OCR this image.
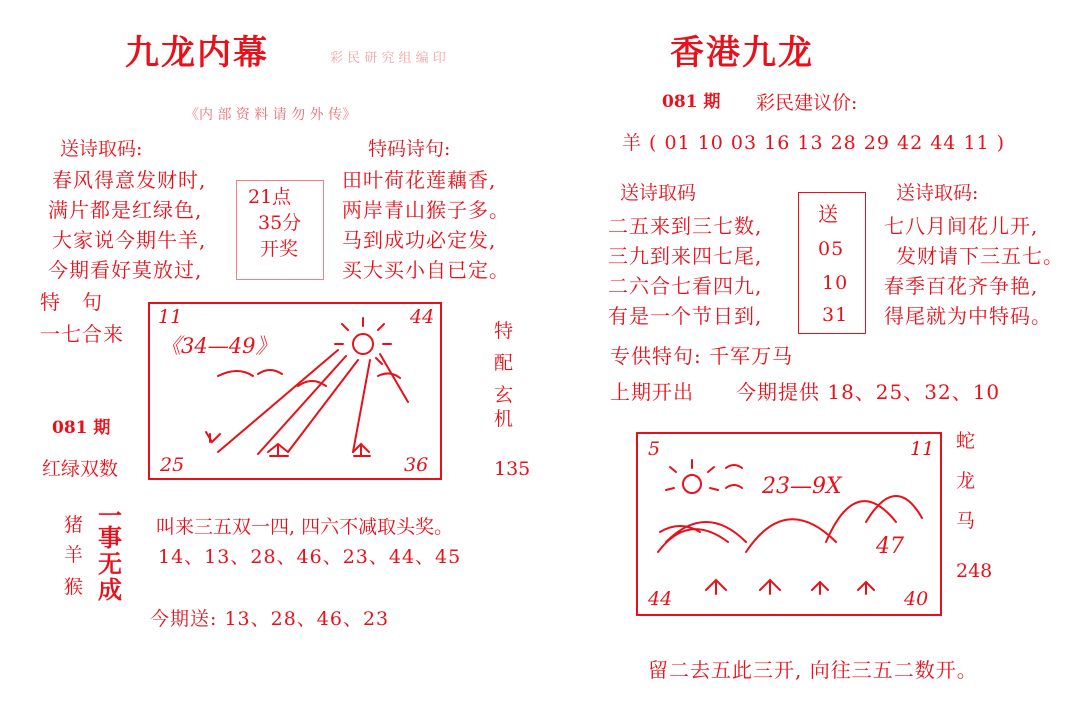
九龙内幕	彩 民 研 究 组 编 印
《内 部 资 料 请 勿 外 传》
送诗取码:
春风得意发财时,
满片都是红绿色,
大家说今期牛羊,
今期看好莫放过,
21点
35分
开奖
特码诗句:
田叶荷花莲藕香,
两岸青山猴子多。
马到成功必定发,
买大买小自已定。
特　句
一七合来
11	44
25	36
《34—49》
081 期
红绿双数
特
配
玄
机
135
猪
羊
猴
一
事
无
成
叫来三五双一四, 四六不减取头奖。
14、13、28、46、23、44、45
今期送: 13、28、46、23
香港九龙
081 期 彩民建议价:
羊 ( 01 10 03 16 13 28 29 42 44 11 )
送诗取码
二五来到三七数,
三九到来四七尾,
二六合七看四九,
有是一个节日到,
送
05
10
31
送诗取码:
七八月间花儿开,
发财请下三五七。
春季百花齐争艳,
得尾就为中特码。
专供特句: 千军万马
上期开出 今期提供 18、25、32、10
5	11
44	40
47
23—9X
蛇
龙
马
248
留二去五此三开, 向往三五二数开。
